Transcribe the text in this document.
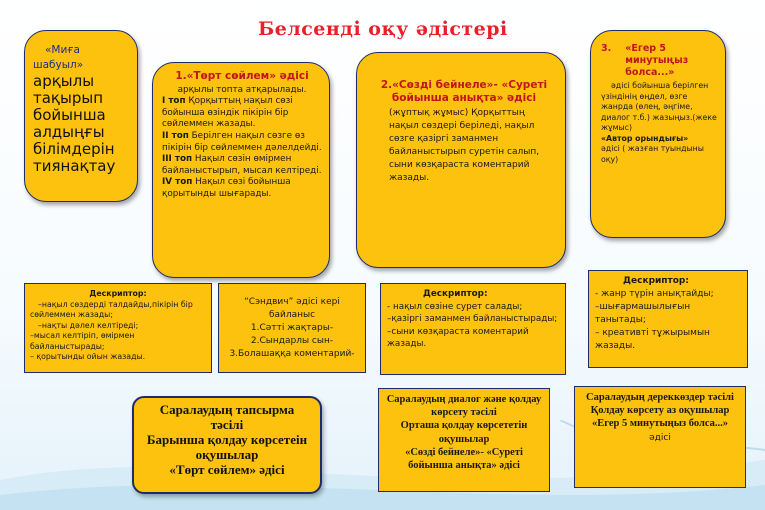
Белсенді оқу әдістері

«Миға шабуыл»

арқылы тақырып бойынша алдыңғы білімдерін тиянақтау

1.«Төрт сөйлем» әдісі

арқылы топта атқарылады.

І топ Қорқыттың нақыл сөзі бойынша өзіндік пікірін бір сөйлеммен жазады.

ІІ топ Берілген нақыл сөзге өз пікірін бір сөйлеммен дәлелдейді.

ІІІ топ Нақыл сөзін өмірмен байланыстырып, мысал келтіреді.

ІV топ Нақыл сөзі бойынша қорытынды шығарады.

2.«Сөзді бейнеле»- «Суреті бойынша анықта» әдісі

(жұптық жұмыс) Қорқыттың нақыл сөздері беріледі, нақыл сөзге қазіргі заманмен байланыстырып суретін салып, сыни көзқараста коментарий жазады.

3. «Егер 5 минутыңыз болса...»

әдісі бойынша берілген үзіндінің өңдел, өзге жанрда (өлең, әңгіме, диалог т.б.) жазыңыз.(жеке жұмыс)

«Автор орындығы»

әдісі ( жазған туындыны оқу)

Дескриптор:

–нақыл сөздерді талдайды,пікірін бір сөйлеммен жазады;

–нақты дәлел келтіреді;

–мысал келтіріп, өмірмен байланыстырады;

– қорытынды ойын жазады.

“Сэндвич” әдісі кері байланыс

1.Сәтті жақтары-

2.Сындарлы сын-

3.Болашаққа коментарий-

Дескриптор:

- нақыл сөзіне сурет салады;

–қазіргі заманмен байланыстырады;

–сыни көзқараста коментарий жазады.

Дескриптор:

- жанр түрін анықтайды;

–шығармашылығын танытады;

– креативті тұжырымын жазады.

Саралаудың тапсырма тәсілі

Барынша қолдау көрсетеін оқушылар

«Төрт сөйлем» әдісі

Саралаудың диалог және қолдау көрсету тәсілі

Орташа қолдау көрсететін оқушылар

«Сөзді бейнеле»- «Суреті бойынша анықта» әдісі

Саралаудың дереккөздер тәсілі

Қолдау көрсету аз оқушылар

«Егер 5 минутыңыз болса...» әдісі
